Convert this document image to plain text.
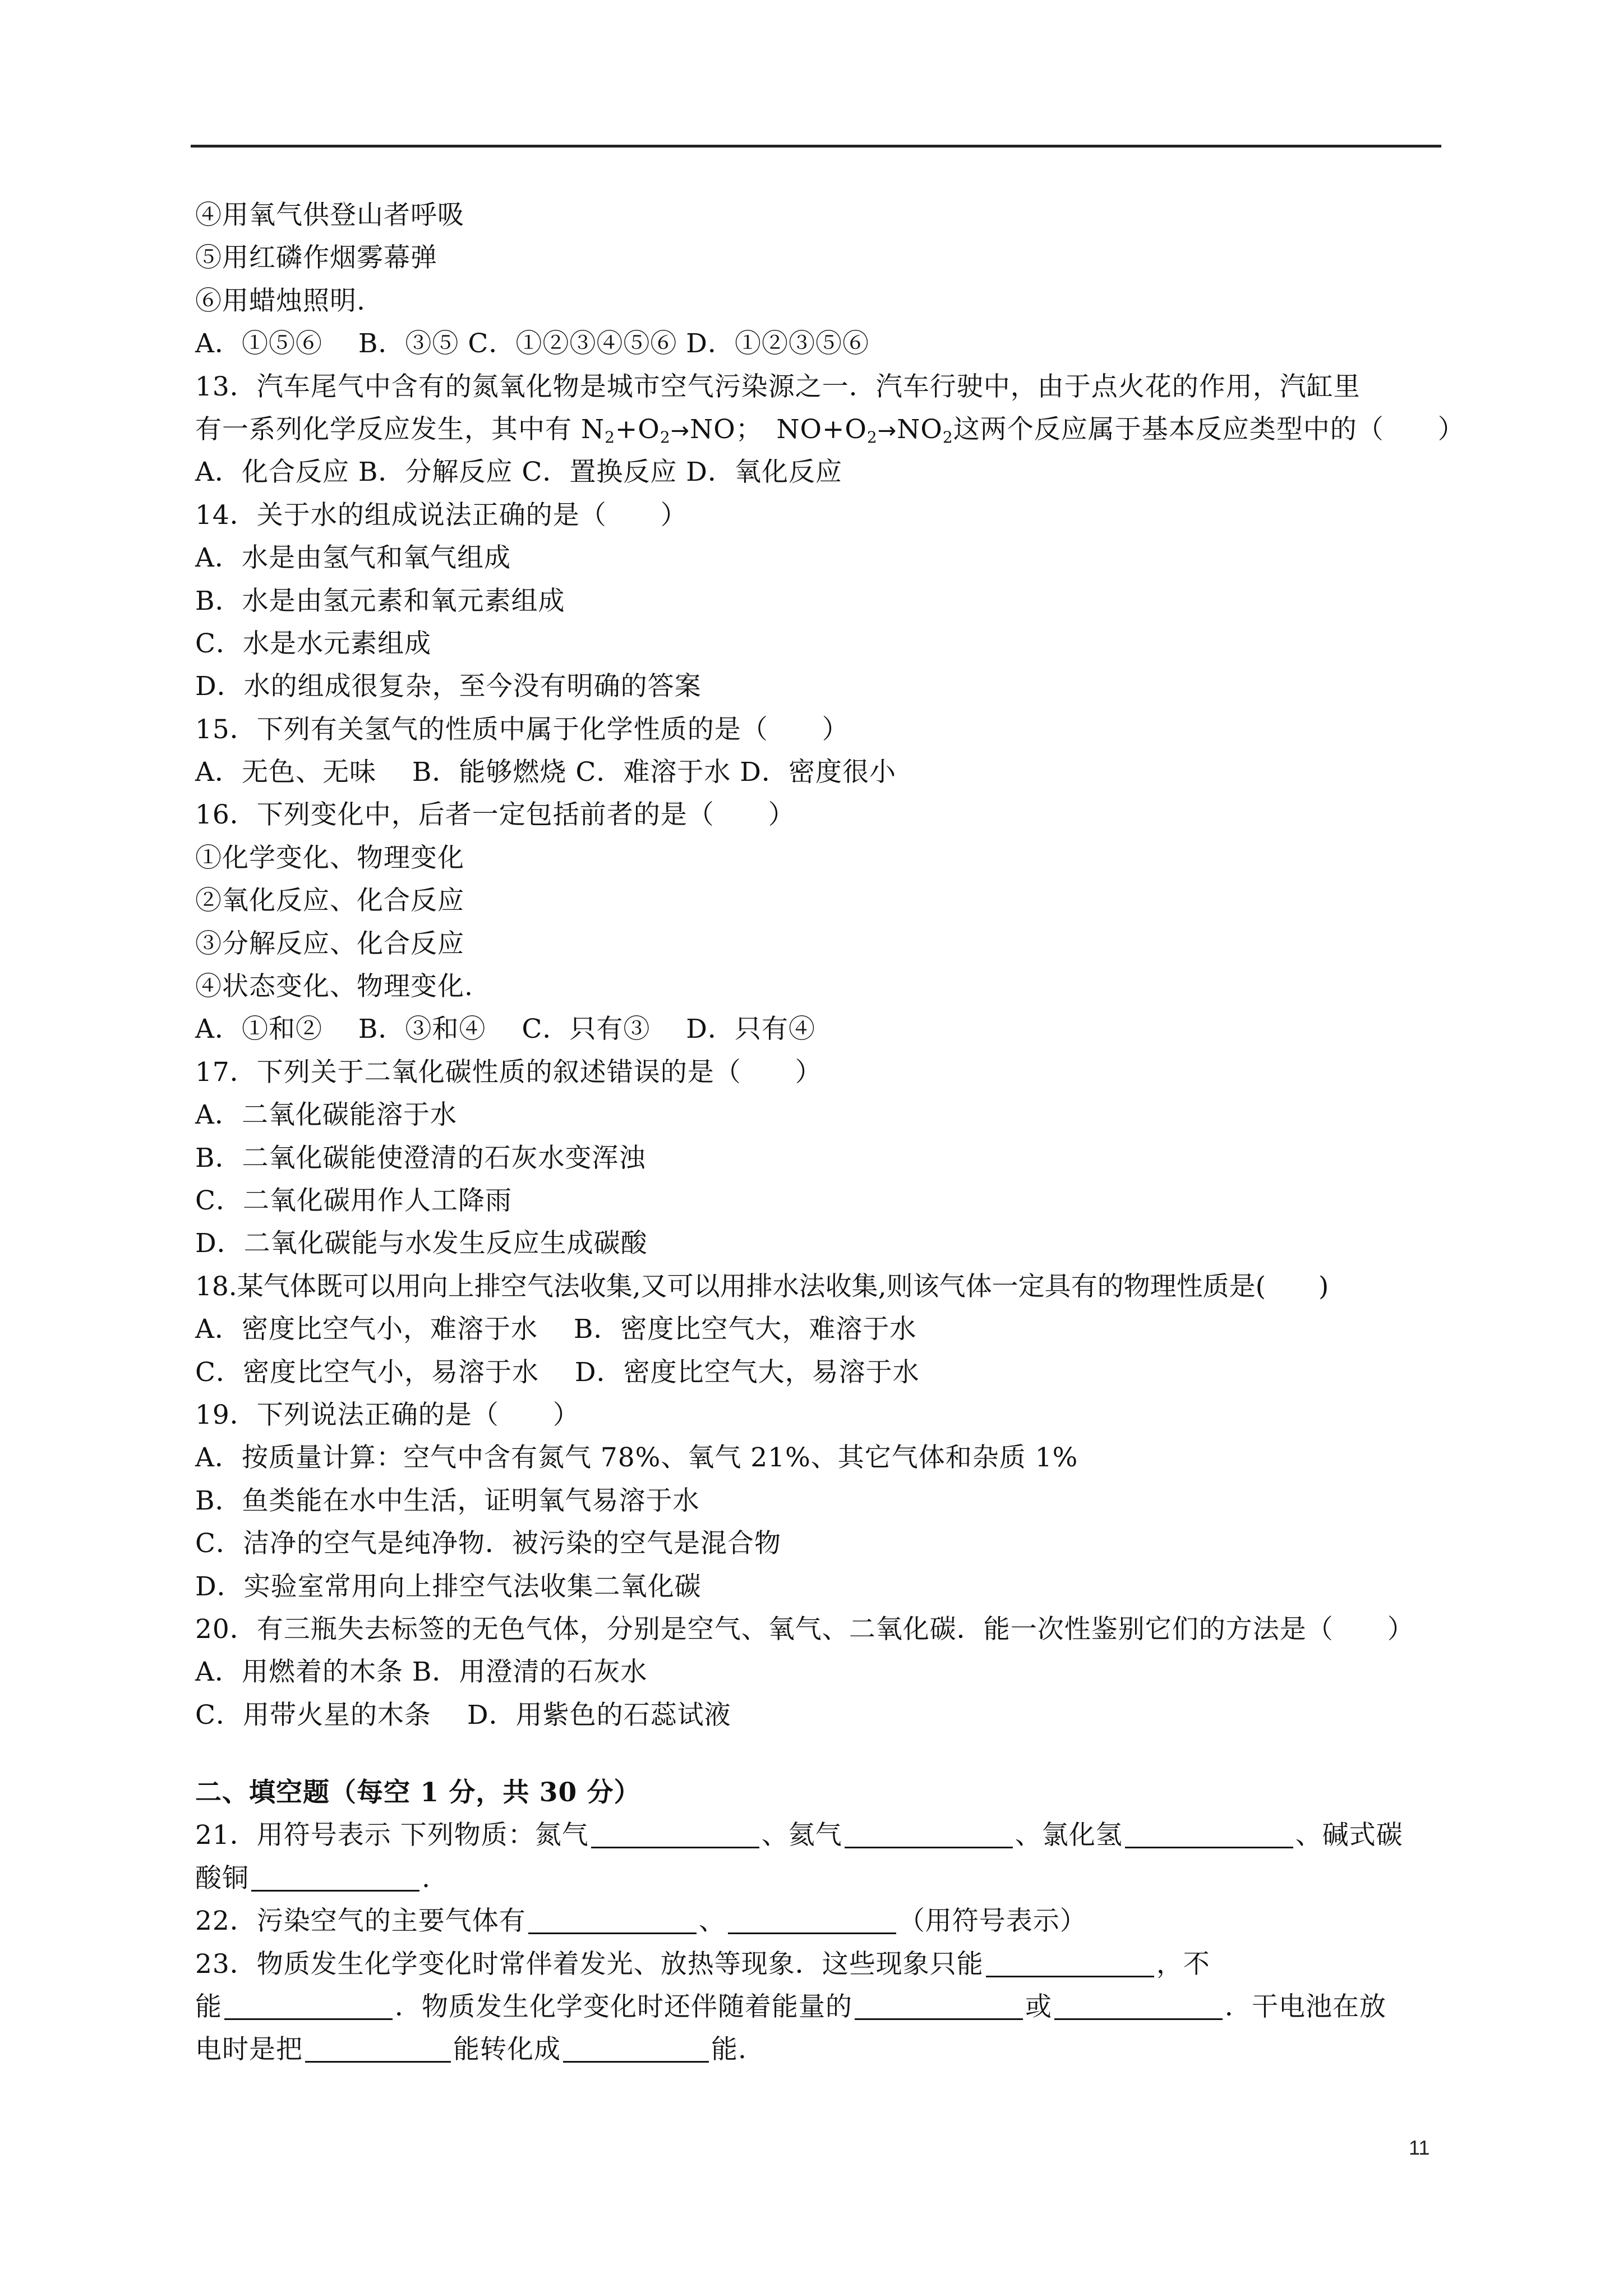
④用氧气供登山者呼吸
⑤用红磷作烟雾幕弹
⑥用蜡烛照明.
A．①⑤⑥　 B．③⑤ C．①②③④⑤⑥ D．①②③⑤⑥
13．汽车尾气中含有的氮氧化物是城市空气污染源之一．汽车行驶中，由于点火花的作用，汽缸里
有一系列化学反应发生，其中有 $N_2+O_2\to NO$；　$NO+O_2\to NO_2$这两个反应属于基本反应类型中的（　　）
A．化合反应 B．分解反应 C．置换反应 D．氧化反应
14．关于水的组成说法正确的是（　　）
A．水是由氢气和氧气组成
B．水是由氢元素和氧元素组成
C．水是水元素组成
D．水的组成很复杂，至今没有明确的答案
15．下列有关氢气的性质中属于化学性质的是（　　）
A．无色、无味　 B．能够燃烧 C．难溶于水 D．密度很小
16．下列变化中，后者一定包括前者的是（　　）
①化学变化、物理变化
②氧化反应、化合反应
③分解反应、化合反应
④状态变化、物理变化.
A．①和②　 B．③和④　 C．只有③　 D．只有④
17．下列关于二氧化碳性质的叙述错误的是（　　）
A．二氧化碳能溶于水
B．二氧化碳能使澄清的石灰水变浑浊
C．二氧化碳用作人工降雨
D．二氧化碳能与水发生反应生成碳酸
18.某气体既可以用向上排空气法收集,又可以用排水法收集,则该气体一定具有的物理性质是(　　)
A．密度比空气小，难溶于水　 B．密度比空气大，难溶于水
C．密度比空气小，易溶于水　 D．密度比空气大，易溶于水
19．下列说法正确的是（　　）
A．按质量计算：空气中含有氮气 78%、氧气 21%、其它气体和杂质 1%
B．鱼类能在水中生活，证明氧气易溶于水
C．洁净的空气是纯净物．被污染的空气是混合物
D．实验室常用向上排空气法收集二氧化碳
20．有三瓶失去标签的无色气体，分别是空气、氧气、二氧化碳．能一次性鉴别它们的方法是（　　）
A．用燃着的木条 B．用澄清的石灰水
C．用带火星的木条　 D．用紫色的石蕊试液
二、填空题（每空 1 分，共 30 分）
21．用符号表示 下列物质：氮气	、氦气	、氯化氢	、碱式碳
酸铜	.
22．污染空气的主要气体有	、	（用符号表示）
23．物质发生化学变化时常伴着发光、放热等现象．这些现象只能	，不
能	．物质发生化学变化时还伴随着能量的	或	．干电池在放
电时是把	能转化成	能.
11
